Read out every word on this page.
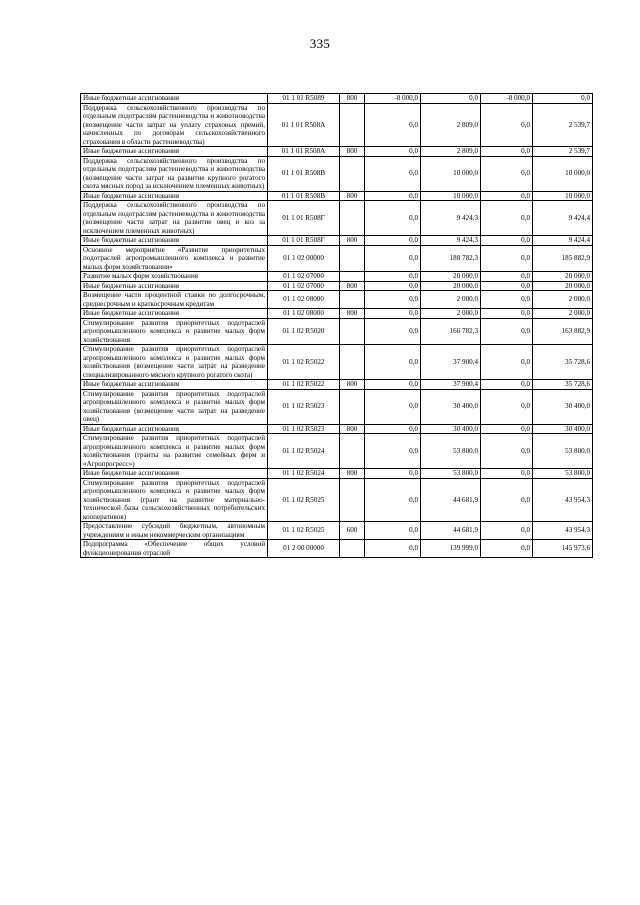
335
Иные бюджетные ассигнования	01 1 01 R5089	800	-8 000,0	0,0	-8 000,0	0,0
Поддержка сельскохозяйственного производства по отдельным подотраслям растениеводства и животноводства (возмещение части затрат на уплату страховых премий, начисленных по договорам сельскохозяйственного страхования в области растениеводства)	01 1 01 R508А		0,0	2 809,0	0,0	2 539,7
Иные бюджетные ассигнования	01 1 01 R508А	800	0,0	2 809,0	0,0	2 539,7
Поддержка сельскохозяйственного производства по отдельным подотраслям растениеводства и животноводства (возмещение части затрат на развитие крупного рогатого скота мясных пород за исключением племенных животных)	01 1 01 R508В		0,0	10 000,0	0,0	10 000,0
Иные бюджетные ассигнования	01 1 01 R508В	800	0,0	10 000,0	0,0	10 000,0
Поддержка сельскохозяйственного производства по отдельным подотраслям растениеводства и животноводства (возмещение части затрат на развитие овец и коз за исключением племенных животных)	01 1 01 R508Г		0,0	9 424,3	0,0	9 424,4
Иные бюджетные ассигнования	01 1 01 R508Г	800	0,0	9 424,3	0,0	9 424,4
Основное мероприятие «Развитие приоритетных подотраслей агропромышленного комплекса и развитие малых форм хозяйствования»	01 1 02 00000		0,0	188 782,3	0,0	185 882,9
Развитие малых форм хозяйствования	01 1 02 07000		0,0	20 000,0	0,0	20 000,0
Иные бюджетные ассигнования	01 1 02 07000	800	0,0	20 000,0	0,0	20 000,0
Возмещение части процентной ставки по долгосрочным, среднесрочным и краткосрочным кредитам	01 1 02 08000		0,0	2 000,0	0,0	2 000,0
Иные бюджетные ассигнования	01 1 02 08000	800	0,0	2 000,0	0,0	2 000,0
Стимулирование развития приоритетных подотраслей агропромышленного комплекса и развитие малых форм хозяйствования	01 1 02 R5020		0,0	166 782,3	0,0	163 882,9
Стимулирование развития приоритетных подотраслей агропромышленного комплекса и развитие малых форм хозяйствования (возмещение части затрат на разведение специализированного мясного крупного рогатого скота)	01 1 02 R5022		0,0	37 900,4	0,0	35 728,6
Иные бюджетные ассигнования	01 1 02 R5022	800	0,0	37 900,4	0,0	35 728,6
Стимулирование развития приоритетных подотраслей агропромышленного комплекса и развитие малых форм хозяйствования (возмещение части затрат на разведение овец)	01 1 02 R5023		0,0	30 400,0	0,0	30 400,0
Иные бюджетные ассигнования	01 1 02 R5023	800	0,0	30 400,0	0,0	30 400,0
Стимулирование развития приоритетных подотраслей агропромышленного комплекса и развитие малых форм хозяйствования (гранты на развитие семейных ферм и «Агропрогресс»)	01 1 02 R5024		0,0	53 800,0	0,0	53 800,0
Иные бюджетные ассигнования	01 1 02 R5024	800	0,0	53 800,0	0,0	53 800,0
Стимулирование развития приоритетных подотраслей агропромышленного комплекса и развитие малых форм хозяйствования (грант на развитие материально-технической базы сельскохозяйственных потребительских кооперативов)	01 1 02 R5025		0,0	44 681,9	0,0	43 954,3
Предоставление субсидий бюджетным, автономным учреждениям и иным некоммерческим организациям	01 1 02 R5025	600	0,0	44 681,9	0,0	43 954,3
Подпрограмма «Обеспечение общих условий функционирования отраслей	01 2 00 00000		0,0	139 999,0	0,0	145 973,6
